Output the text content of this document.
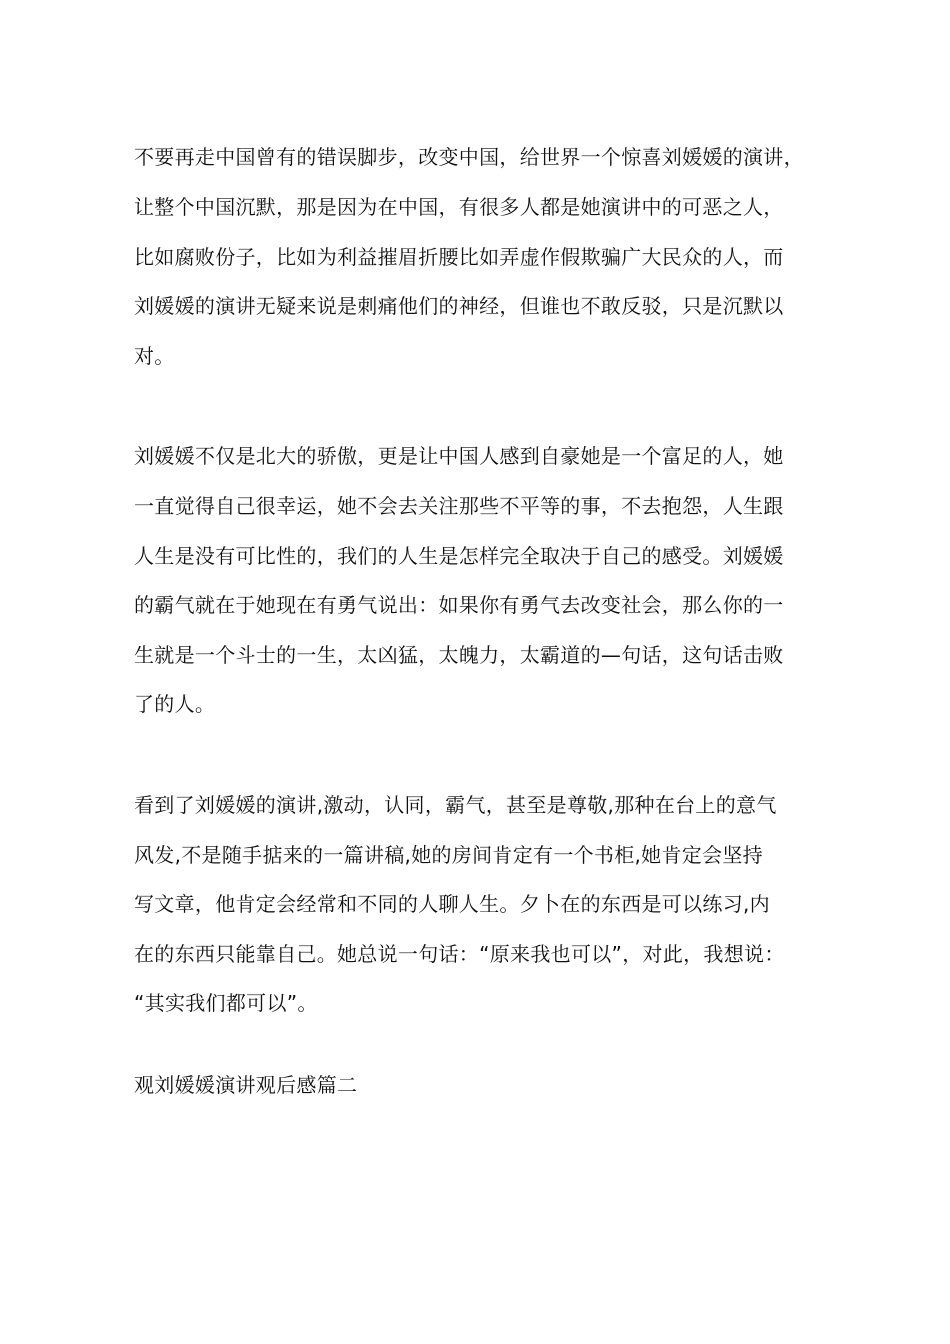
不要再走中国曾有的错误脚步，改变中国，给世界一个惊喜刘媛媛的演讲，
让整个中国沉默，那是因为在中国，有很多人都是她演讲中的可恶之人，
比如腐败份子，比如为利益摧眉折腰比如弄虚作假欺骗广大民众的人，而
刘媛媛的演讲无疑来说是刺痛他们的神经，但谁也不敢反驳，只是沉默以
对。
刘媛媛不仅是北大的骄傲，更是让中国人感到自豪她是一个富足的人，她
一直觉得自己很幸运，她不会去关注那些不平等的事，不去抱怨，人生跟
人生是没有可比性的，我们的人生是怎样完全取决于自己的感受。刘媛媛
的霸气就在于她现在有勇气说出：如果你有勇气去改变社会，那么你的一
生就是一个斗士的一生，太凶猛，太魄力，太霸道的—句话，这句话击败
了的人。
看到了刘媛媛的演讲,激动，认同，霸气，甚至是尊敬,那种在台上的意气
风发,不是随手掂来的一篇讲稿,她的房间肯定有一个书柜,她肯定会坚持
写文章，他肯定会经常和不同的人聊人生。夕卜在的东西是可以练习,内
在的东西只能靠自己。她总说一句话：“原来我也可以”，对此，我想说：
“其实我们都可以”。
观刘媛媛演讲观后感篇二
